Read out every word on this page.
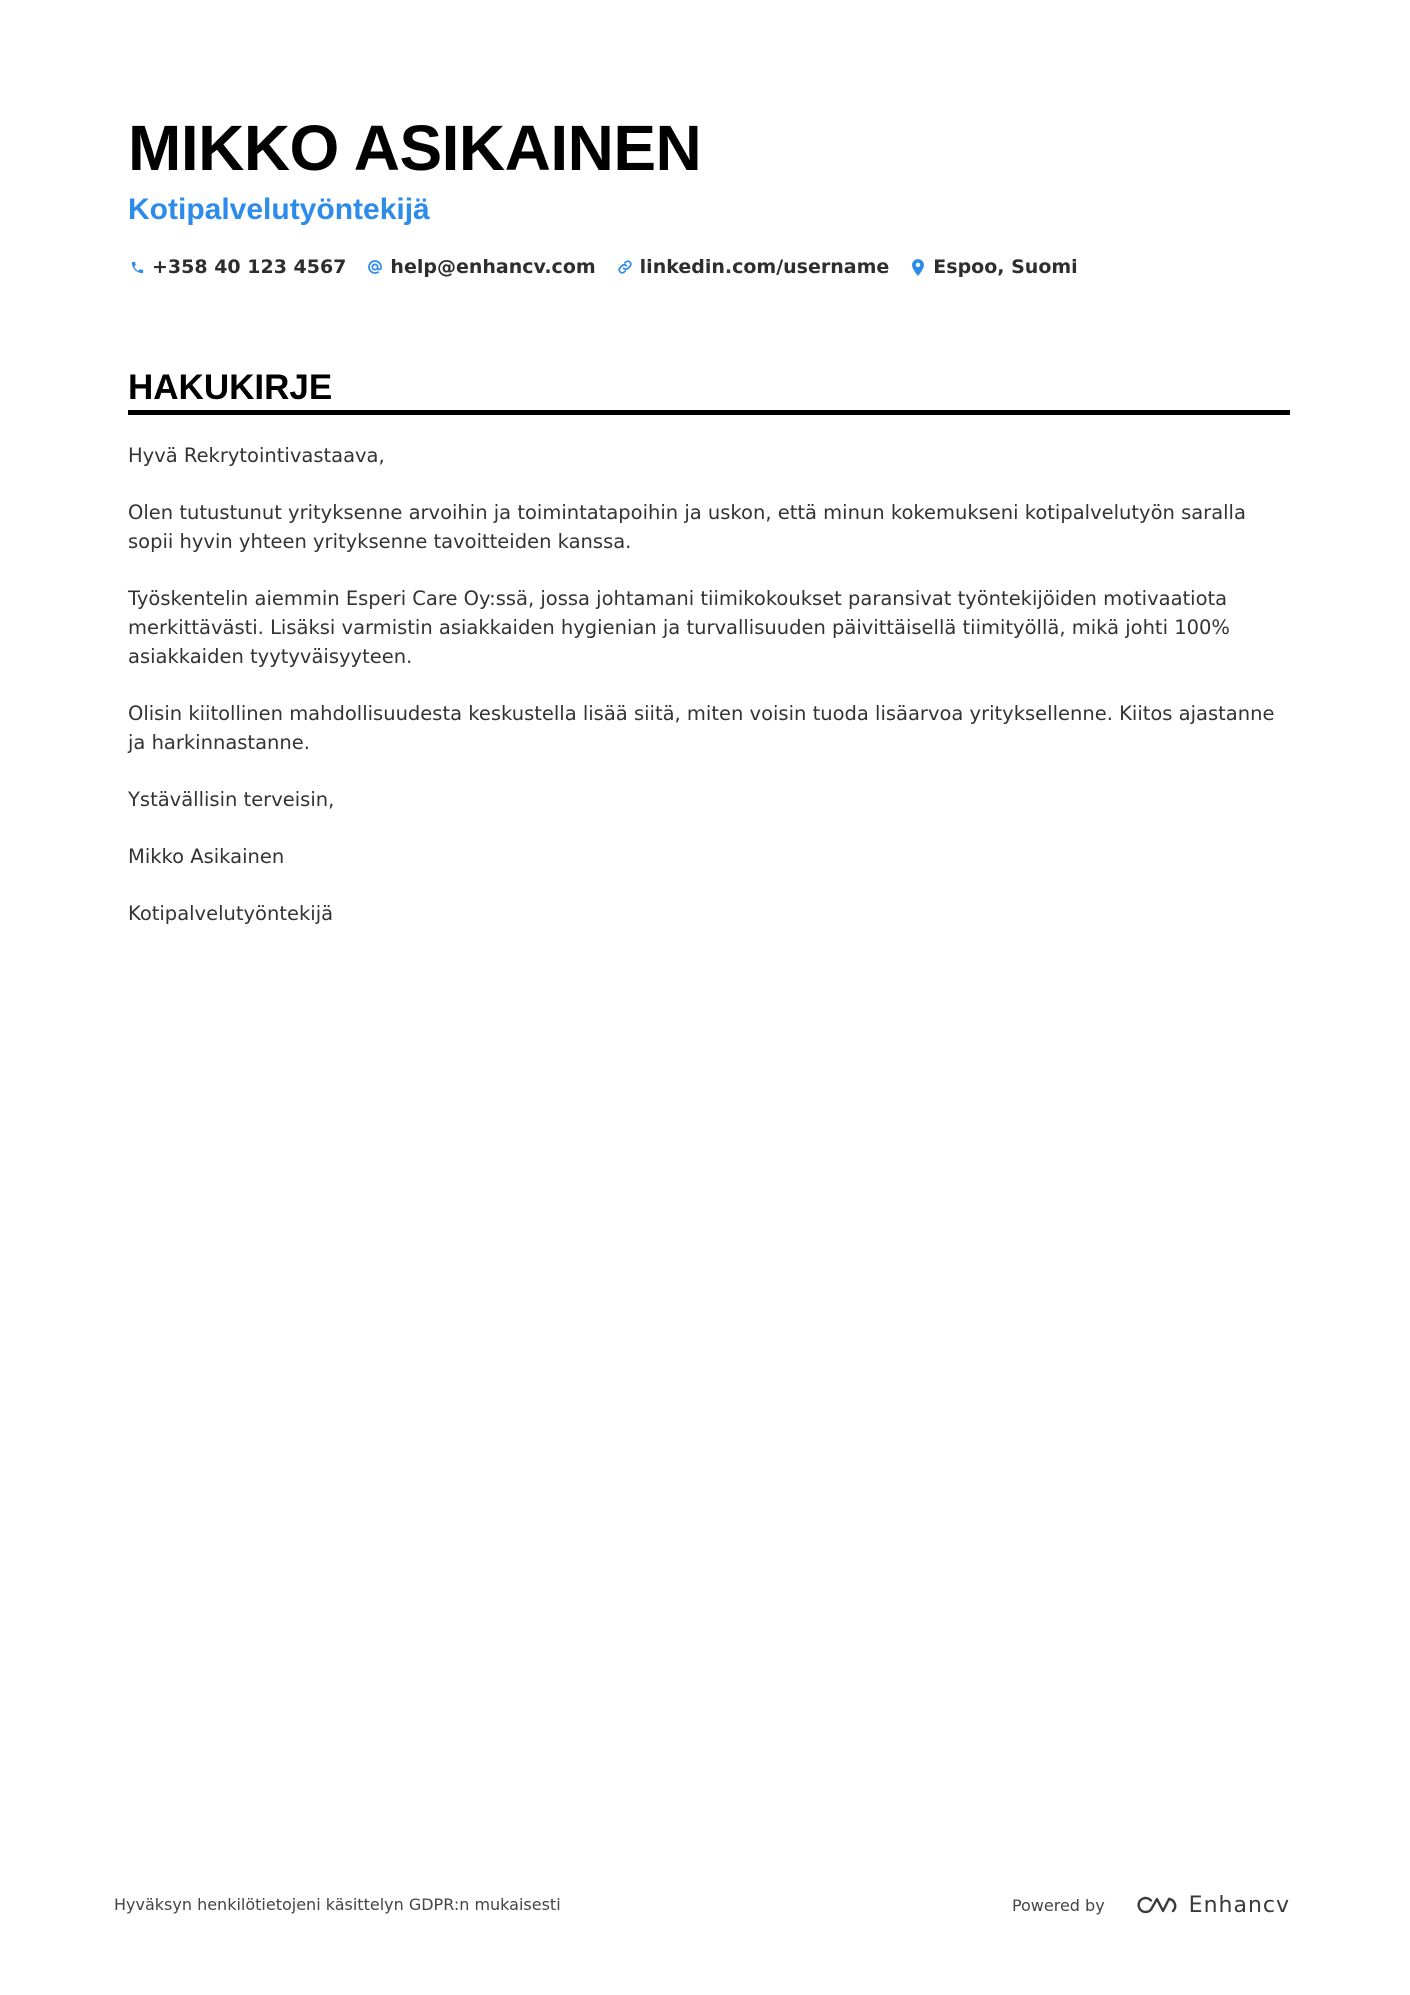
MIKKO ASIKAINEN
Kotipalvelutyöntekijä
+358 40 123 4567 help@enhancv.com linkedin.com/username Espoo, Suomi
HAKUKIRJE

Hyvä Rekrytointivastaava,

Olen tutustunut yrityksenne arvoihin ja toimintatapoihin ja uskon, että minun kokemukseni kotipalvelutyön saralla sopii hyvin yhteen yrityksenne tavoitteiden kanssa.

Työskentelin aiemmin Esperi Care Oy:ssä, jossa johtamani tiimikokoukset paransivat työntekijöiden motivaatiota merkittävästi. Lisäksi varmistin asiakkaiden hygienian ja turvallisuuden päivittäisellä tiimityöllä, mikä johti 100% asiakkaiden tyytyväisyyteen.

Olisin kiitollinen mahdollisuudesta keskustella lisää siitä, miten voisin tuoda lisäarvoa yrityksellenne. Kiitos ajastanne ja harkinnastanne.

Ystävällisin terveisin,

Mikko Asikainen

Kotipalvelutyöntekijä

Hyväksyn henkilötietojeni käsittelyn GDPR:n mukaisesti	Powered by	Enhancv
